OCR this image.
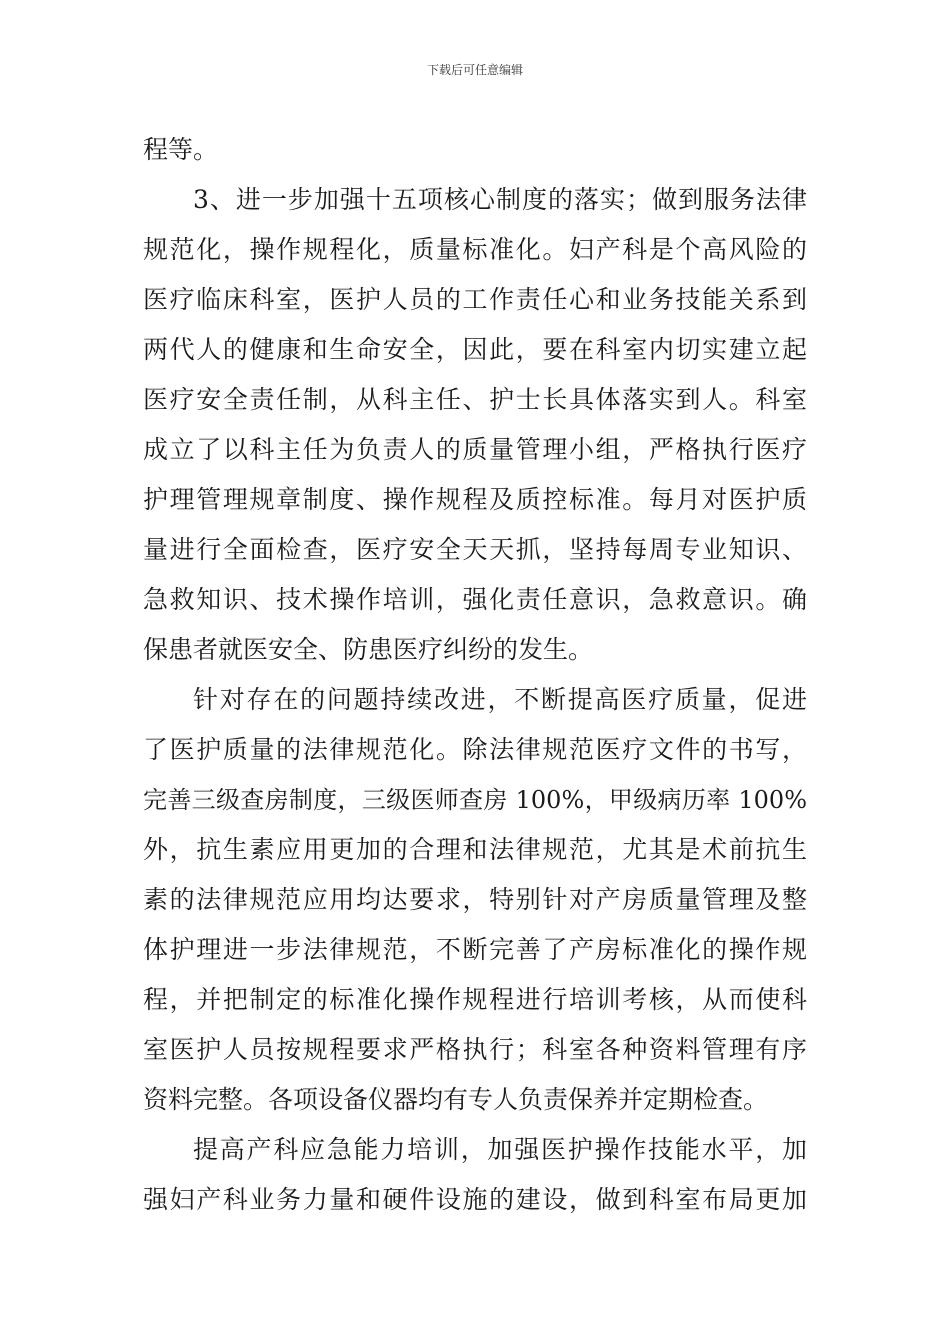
下载后可任意编辑
程等。
3、进一步加强十五项核心制度的落实；做到服务法律
规范化，操作规程化，质量标准化。妇产科是个高风险的
医疗临床科室，医护人员的工作责任心和业务技能关系到
两代人的健康和生命安全，因此，要在科室内切实建立起
医疗安全责任制，从科主任、护士长具体落实到人。科室
成立了以科主任为负责人的质量管理小组，严格执行医疗
护理管理规章制度、操作规程及质控标准。每月对医护质
量进行全面检查，医疗安全天天抓，坚持每周专业知识、
急救知识、技术操作培训，强化责任意识，急救意识。确
保患者就医安全、防患医疗纠纷的发生。
针对存在的问题持续改进，不断提高医疗质量，促进
了医护质量的法律规范化。除法律规范医疗文件的书写，
完善三级查房制度，三级医师查房 100%，甲级病历率 100%
外，抗生素应用更加的合理和法律规范，尤其是术前抗生
素的法律规范应用均达要求，特别针对产房质量管理及整
体护理进一步法律规范，不断完善了产房标准化的操作规
程，并把制定的标准化操作规程进行培训考核，从而使科
室医护人员按规程要求严格执行；科室各种资料管理有序
资料完整。各项设备仪器均有专人负责保养并定期检查。
提高产科应急能力培训，加强医护操作技能水平，加
强妇产科业务力量和硬件设施的建设，做到科室布局更加
